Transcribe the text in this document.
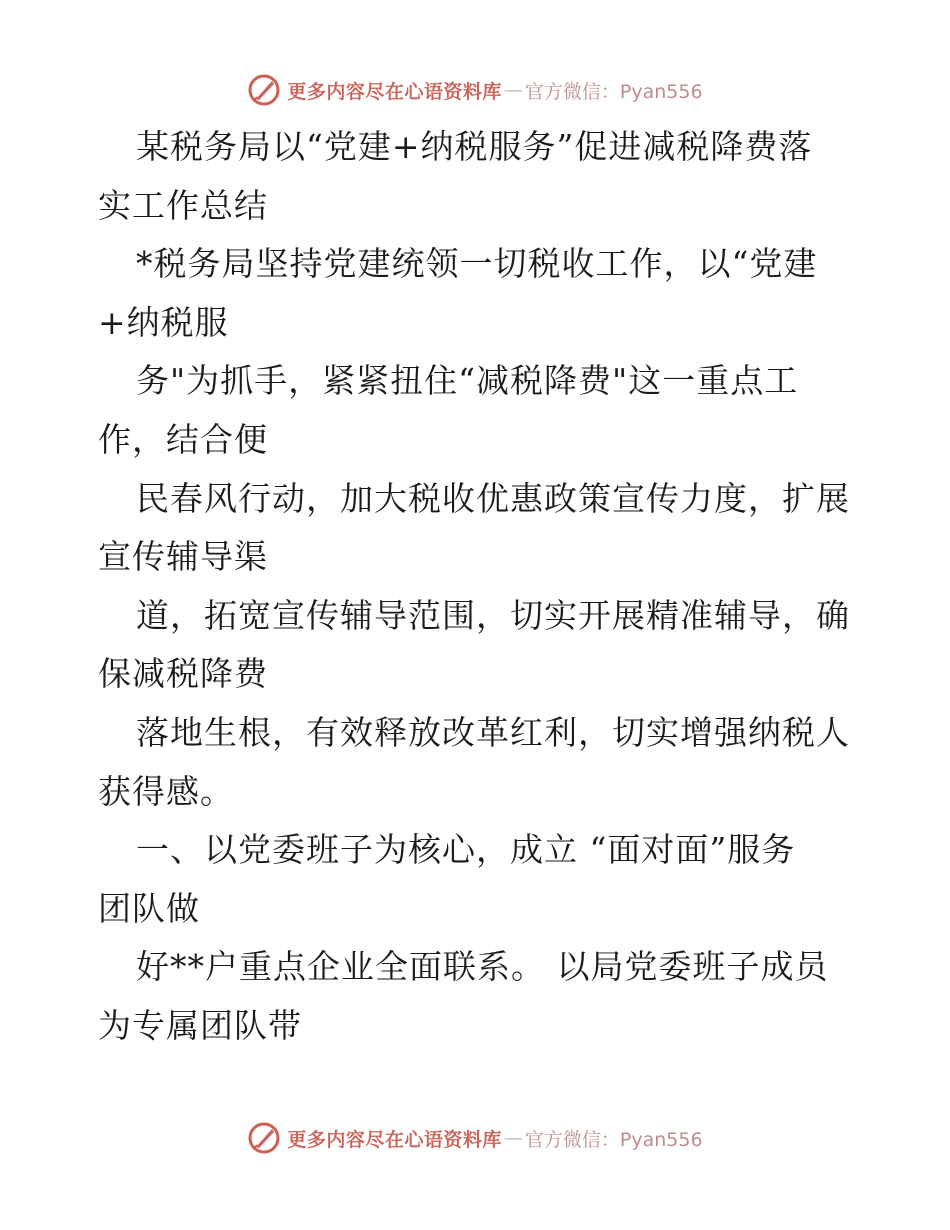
更多内容尽在心语资料库 — 官方微信：Pyan556

某税务局以“党建+纳税服务”促进减税降费落

实工作总结

*税务局坚持党建统领一切税收工作，以“党建

+纳税服

务"为抓手，紧紧扭住“减税降费"这一重点工

作，结合便

民春风行动，加大税收优惠政策宣传力度，扩展

宣传辅导渠

道，拓宽宣传辅导范围，切实开展精准辅导，确

保减税降费

落地生根，有效释放改革红利，切实增强纳税人

获得感。

一、以党委班子为核心，成立 “面对面”服务

团队做

好**户重点企业全面联系。 以局党委班子成员

为专属团队带

更多内容尽在心语资料库 — 官方微信：Pyan556
